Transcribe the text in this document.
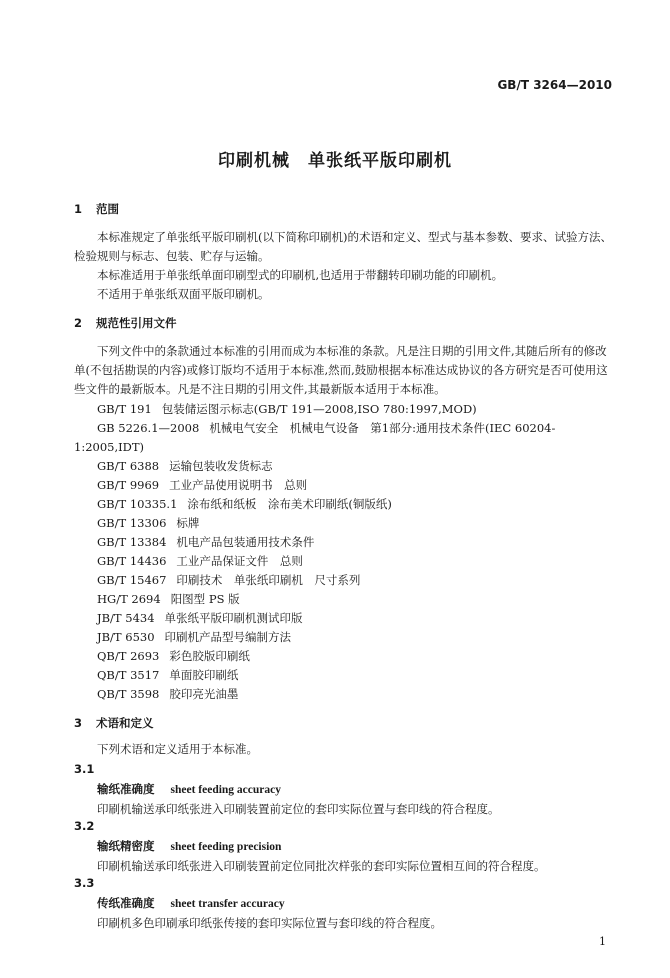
GB/T 3264—2010
印刷机械 单张纸平版印刷机
1 范围
本标准规定了单张纸平版印刷机(以下简称印刷机)的术语和定义、型式与基本参数、要求、试验方法、检验规则与标志、包装、贮存与运输。
本标准适用于单张纸单面印刷型式的印刷机,也适用于带翻转印刷功能的印刷机。
不适用于单张纸双面平版印刷机。
2 规范性引用文件
下列文件中的条款通过本标准的引用而成为本标准的条款。凡是注日期的引用文件,其随后所有的修改单(不包括勘误的内容)或修订版均不适用于本标准,然而,鼓励根据本标准达成协议的各方研究是否可使用这些文件的最新版本。凡是不注日期的引用文件,其最新版本适用于本标准。
GB/T 191 包装储运图示标志(GB/T 191—2008,ISO 780:1997,MOD)
GB 5226.1—2008 机械电气安全　机械电气设备　第1部分:通用技术条件(IEC 60204-1:2005,IDT)
GB/T 6388 运输包装收发货标志
GB/T 9969 工业产品使用说明书　总则
GB/T 10335.1 涂布纸和纸板　涂布美术印刷纸(铜版纸)
GB/T 13306 标牌
GB/T 13384 机电产品包装通用技术条件
GB/T 14436 工业产品保证文件　总则
GB/T 15467 印刷技术　单张纸印刷机　尺寸系列
HG/T 2694 阳图型 PS 版
JB/T 5434 单张纸平版印刷机测试印版
JB/T 6530 印刷机产品型号编制方法
QB/T 2693 彩色胶版印刷纸
QB/T 3517 单面胶印刷纸
QB/T 3598 胶印亮光油墨
3 术语和定义
下列术语和定义适用于本标准。
3.1
输纸准确度 sheet feeding accuracy
印刷机输送承印纸张进入印刷装置前定位的套印实际位置与套印线的符合程度。
3.2
输纸精密度 sheet feeding precision
印刷机输送承印纸张进入印刷装置前定位同批次样张的套印实际位置相互间的符合程度。
3.3
传纸准确度 sheet transfer accuracy
印刷机多色印刷承印纸张传接的套印实际位置与套印线的符合程度。
1
